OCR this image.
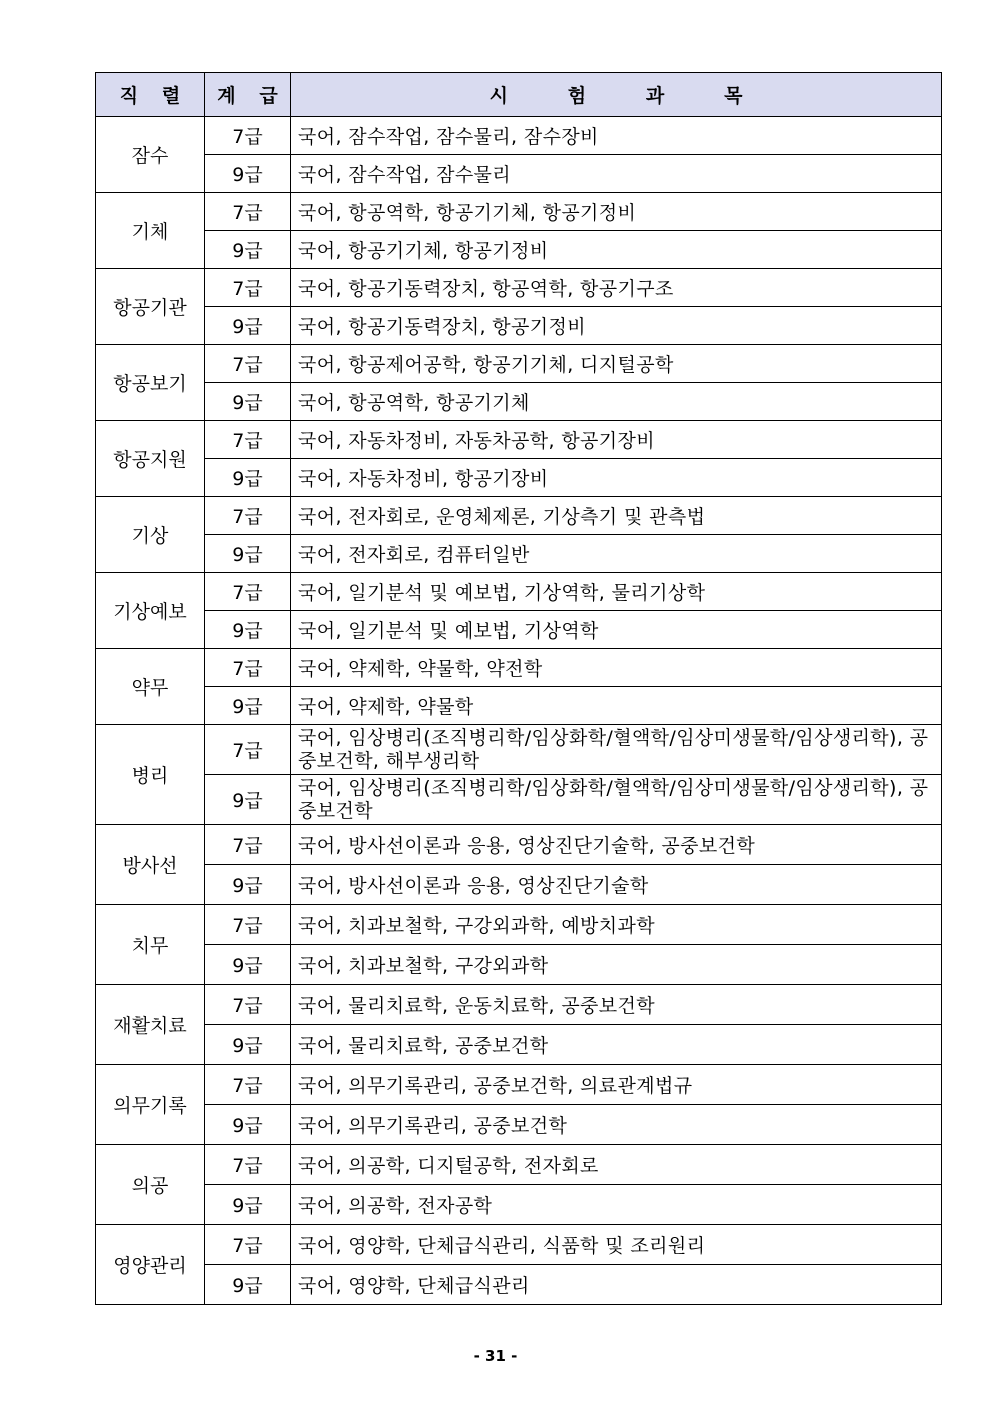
직 렬	계 급	시 험 과 목
잠수	7급	국어, 잠수작업, 잠수물리, 잠수장비
	9급	국어, 잠수작업, 잠수물리
기체	7급	국어, 항공역학, 항공기기체, 항공기정비
	9급	국어, 항공기기체, 항공기정비
항공기관	7급	국어, 항공기동력장치, 항공역학, 항공기구조
	9급	국어, 항공기동력장치, 항공기정비
항공보기	7급	국어, 항공제어공학, 항공기기체, 디지털공학
	9급	국어, 항공역학, 항공기기체
항공지원	7급	국어, 자동차정비, 자동차공학, 항공기장비
	9급	국어, 자동차정비, 항공기장비
기상	7급	국어, 전자회로, 운영체제론, 기상측기 및 관측법
	9급	국어, 전자회로, 컴퓨터일반
기상예보	7급	국어, 일기분석 및 예보법, 기상역학, 물리기상학
	9급	국어, 일기분석 및 예보법, 기상역학
약무	7급	국어, 약제학, 약물학, 약전학
	9급	국어, 약제학, 약물학
병리	7급	국어, 임상병리(조직병리학/임상화학/혈액학/임상미생물학/임상생리학), 공중보건학, 해부생리학
	9급	국어, 임상병리(조직병리학/임상화학/혈액학/임상미생물학/임상생리학), 공중보건학
방사선	7급	국어, 방사선이론과 응용, 영상진단기술학, 공중보건학
	9급	국어, 방사선이론과 응용, 영상진단기술학
치무	7급	국어, 치과보철학, 구강외과학, 예방치과학
	9급	국어, 치과보철학, 구강외과학
재활치료	7급	국어, 물리치료학, 운동치료학, 공중보건학
	9급	국어, 물리치료학, 공중보건학
의무기록	7급	국어, 의무기록관리, 공중보건학, 의료관계법규
	9급	국어, 의무기록관리, 공중보건학
의공	7급	국어, 의공학, 디지털공학, 전자회로
	9급	국어, 의공학, 전자공학
영양관리	7급	국어, 영양학, 단체급식관리, 식품학 및 조리원리
	9급	국어, 영양학, 단체급식관리
- 31 -
